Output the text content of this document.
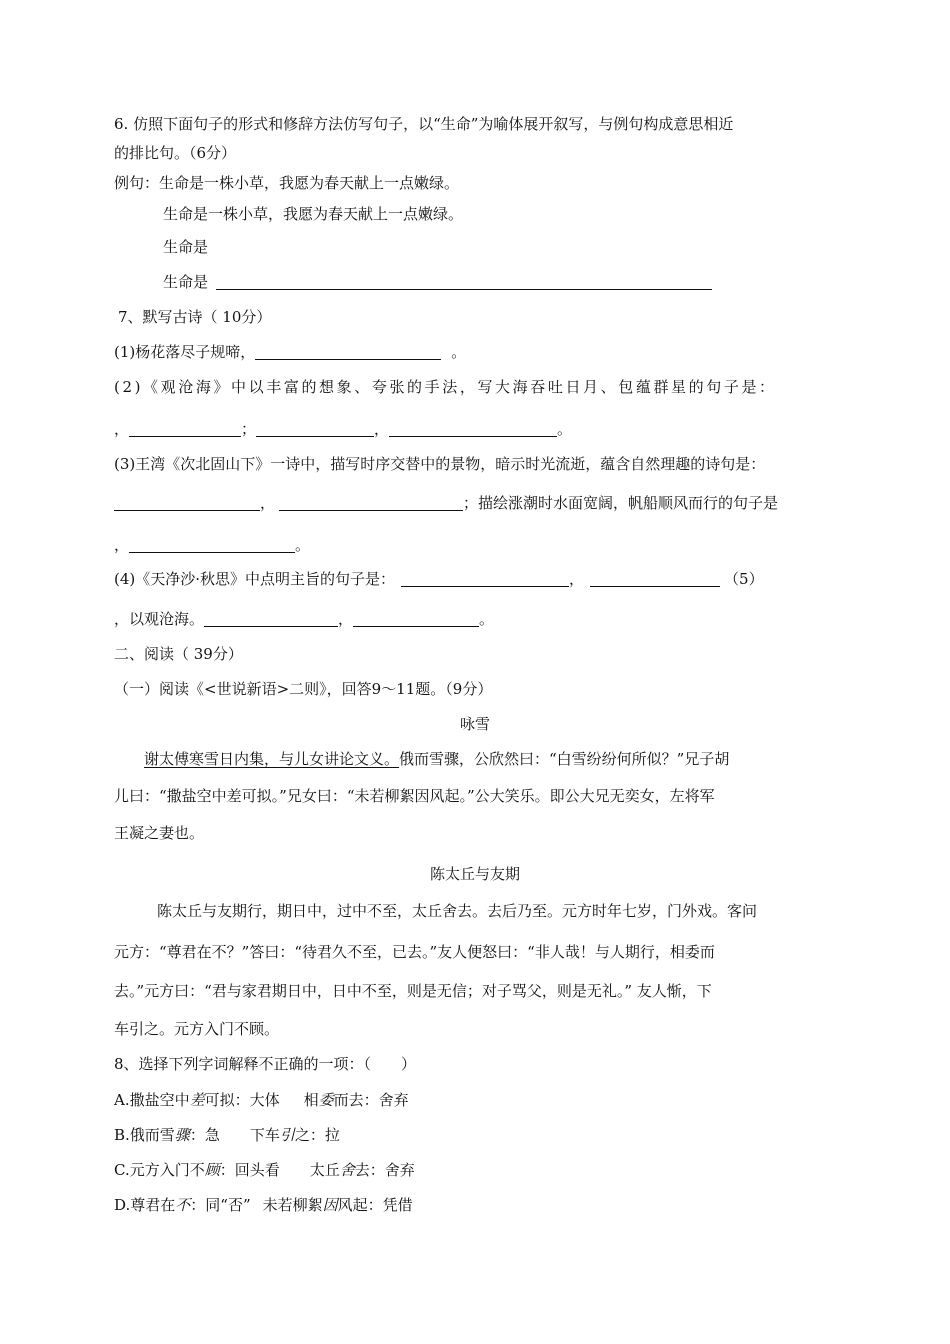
6. 仿照下面句子的形式和修辞方法仿写句子，以“生命”为喻体展开叙写，与例句构成意思相近
的排比句。（6分）
例句：生命是一株小草，我愿为春天献上一点嫩绿。
生命是一株小草，我愿为春天献上一点嫩绿。
生命是
生命是
7、默写古诗（ 10分）
(1)杨花落尽子规啼，	。
(2)《观沧海》中以丰富的想象、夸张的手法，写大海吞吐日月、包蕴群星的句子是：
，	；	，	。
(3)王湾《次北固山下》一诗中，描写时序交替中的景物，暗示时光流逝，蕴含自然理趣的诗句是：
，	；描绘涨潮时水面宽阔，帆船顺风而行的句子是
，	。
(4)《天净沙·秋思》中点明主旨的句子是：	，	（5）
，以观沧海。	，	。
二、阅读（ 39分）
（一）阅读《<世说新语>二则》，回答9～11题。（9分）
咏雪
谢太傅寒雪日内集，与儿女讲论文义。俄而雪骤，公欣然曰：“白雪纷纷何所似？”兄子胡
儿曰：“撒盐空中差可拟。”兄女曰：“未若柳絮因风起。”公大笑乐。即公大兄无奕女，左将军
王凝之妻也。
陈太丘与友期
陈太丘与友期行，期日中，过中不至，太丘舍去。去后乃至。元方时年七岁，门外戏。客问
元方：“尊君在不？”答曰：“待君久不至，已去。”友人便怒曰：“非人哉！与人期行，相委而
去。”元方曰：“君与家君期日中，日中不至，则是无信；对子骂父，则是无礼。” 友人惭，下
车引之。元方入门不顾。
8、选择下列字词解释不正确的一项：（　　）
A.撒盐空中差可拟：大体 相委而去：舍弃
B.俄而雪骤：急 下车引之：拉
C.元方入门不顾：回头看 太丘舍去：舍弃
D.尊君在不：同“否” 未若柳絮因风起：凭借
